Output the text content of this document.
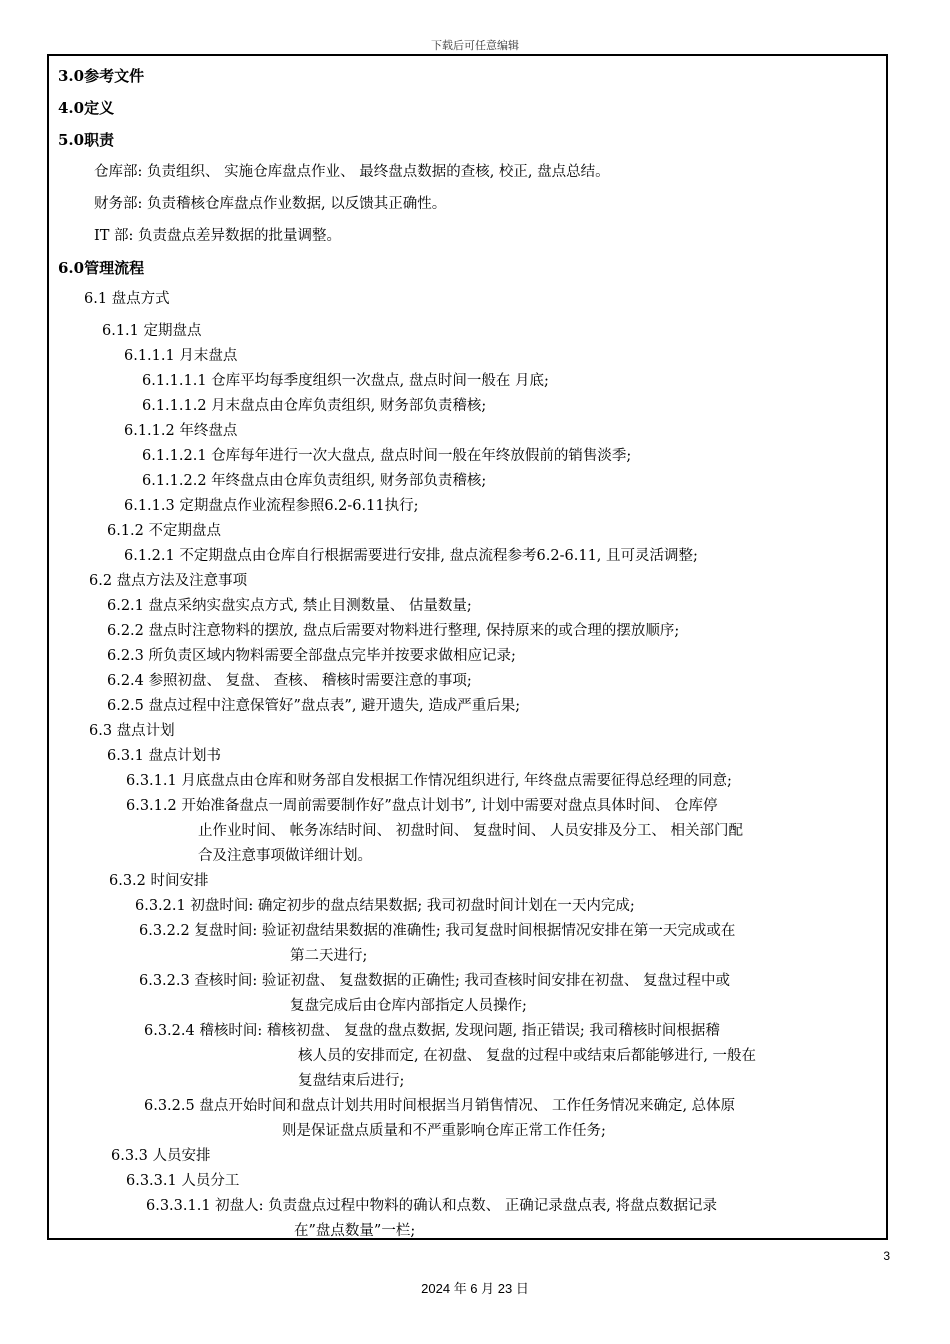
下载后可任意编辑
3.0参考文件
4.0定义
5.0职责
仓库部: 负责组织、 实施仓库盘点作业、 最终盘点数据的查核, 校正, 盘点总结。
财务部: 负责稽核仓库盘点作业数据, 以反馈其正确性。
IT 部: 负责盘点差异数据的批量调整。
6.0管理流程
6.1 盘点方式
6.1.1 定期盘点
6.1.1.1 月末盘点
6.1.1.1.1 仓库平均每季度组织一次盘点, 盘点时间一般在 月底;
6.1.1.1.2 月末盘点由仓库负责组织, 财务部负责稽核;
6.1.1.2 年终盘点
6.1.1.2.1 仓库每年进行一次大盘点, 盘点时间一般在年终放假前的销售淡季;
6.1.1.2.2 年终盘点由仓库负责组织, 财务部负责稽核;
6.1.1.3 定期盘点作业流程参照6.2-6.11执行;
6.1.2 不定期盘点
6.1.2.1 不定期盘点由仓库自行根据需要进行安排, 盘点流程参考6.2-6.11, 且可灵活调整;
6.2 盘点方法及注意事项
6.2.1 盘点采纳实盘实点方式, 禁止目测数量、 估量数量;
6.2.2 盘点时注意物料的摆放, 盘点后需要对物料进行整理, 保持原来的或合理的摆放顺序;
6.2.3 所负责区域内物料需要全部盘点完毕并按要求做相应记录;
6.2.4 参照初盘、 复盘、 查核、 稽核时需要注意的事项;
6.2.5 盘点过程中注意保管好”盘点表”, 避开遗失, 造成严重后果;
6.3 盘点计划
6.3.1 盘点计划书
6.3.1.1 月底盘点由仓库和财务部自发根据工作情况组织进行, 年终盘点需要征得总经理的同意;
6.3.1.2 开始准备盘点一周前需要制作好”盘点计划书”, 计划中需要对盘点具体时间、 仓库停
止作业时间、 帐务冻结时间、 初盘时间、 复盘时间、 人员安排及分工、 相关部门配
合及注意事项做详细计划。
6.3.2 时间安排
6.3.2.1 初盘时间: 确定初步的盘点结果数据; 我司初盘时间计划在一天内完成;
6.3.2.2 复盘时间: 验证初盘结果数据的准确性; 我司复盘时间根据情况安排在第一天完成或在
第二天进行;
6.3.2.3 查核时间: 验证初盘、 复盘数据的正确性; 我司查核时间安排在初盘、 复盘过程中或
复盘完成后由仓库内部指定人员操作;
6.3.2.4 稽核时间: 稽核初盘、 复盘的盘点数据, 发现问题, 指正错误; 我司稽核时间根据稽
核人员的安排而定, 在初盘、 复盘的过程中或结束后都能够进行, 一般在
复盘结束后进行;
6.3.2.5 盘点开始时间和盘点计划共用时间根据当月销售情况、 工作任务情况来确定, 总体原
则是保证盘点质量和不严重影响仓库正常工作任务;
6.3.3 人员安排
6.3.3.1 人员分工
6.3.3.1.1 初盘人: 负责盘点过程中物料的确认和点数、 正确记录盘点表, 将盘点数据记录
在”盘点数量”一栏;
3
2024 年 6 月 23 日
